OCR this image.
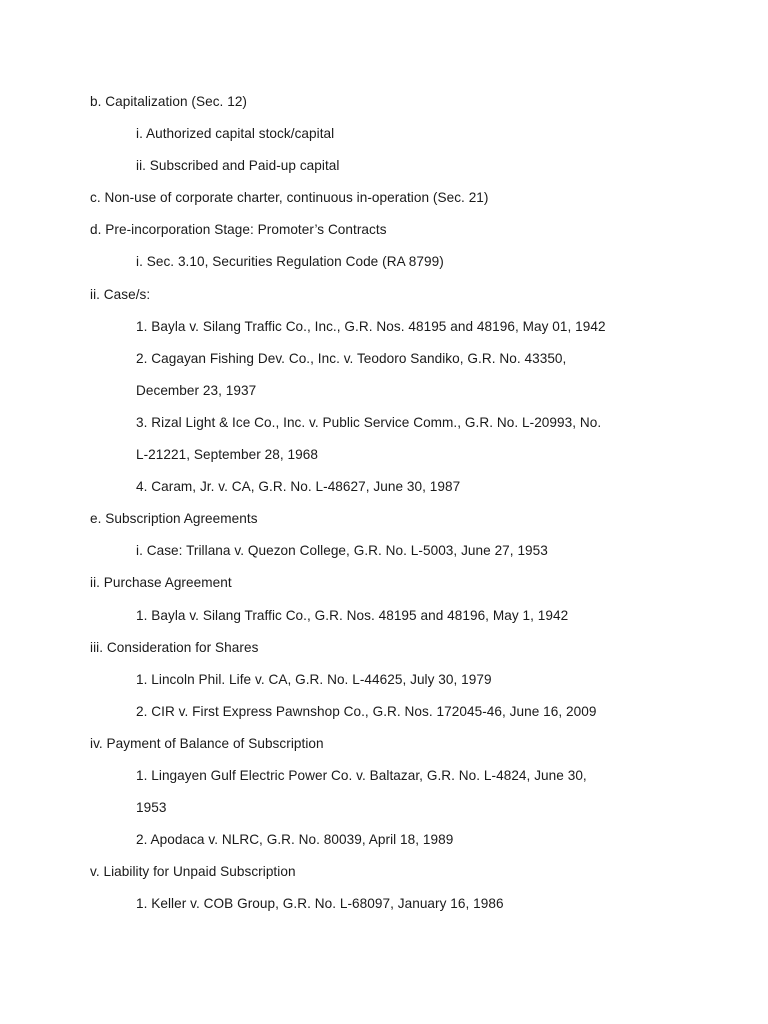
b. Capitalization (Sec. 12)
i. Authorized capital stock/capital
ii. Subscribed and Paid-up capital
c. Non-use of corporate charter, continuous in-operation (Sec. 21)
d. Pre-incorporation Stage: Promoter’s Contracts
i. Sec. 3.10, Securities Regulation Code (RA 8799)
ii. Case/s:
1. Bayla v. Silang Traffic Co., Inc., G.R. Nos. 48195 and 48196, May 01, 1942
2. Cagayan Fishing Dev. Co., Inc. v. Teodoro Sandiko, G.R. No. 43350,
December 23, 1937
3. Rizal Light & Ice Co., Inc. v. Public Service Comm., G.R. No. L-20993, No.
L-21221, September 28, 1968
4. Caram, Jr. v. CA, G.R. No. L-48627, June 30, 1987
e. Subscription Agreements
i. Case: Trillana v. Quezon College, G.R. No. L-5003, June 27, 1953
ii. Purchase Agreement
1. Bayla v. Silang Traffic Co., G.R. Nos. 48195 and 48196, May 1, 1942
iii. Consideration for Shares
1. Lincoln Phil. Life v. CA, G.R. No. L-44625, July 30, 1979
2. CIR v. First Express Pawnshop Co., G.R. Nos. 172045-46, June 16, 2009
iv. Payment of Balance of Subscription
1. Lingayen Gulf Electric Power Co. v. Baltazar, G.R. No. L-4824, June 30,
1953
2. Apodaca v. NLRC, G.R. No. 80039, April 18, 1989
v. Liability for Unpaid Subscription
1. Keller v. COB Group, G.R. No. L-68097, January 16, 1986
